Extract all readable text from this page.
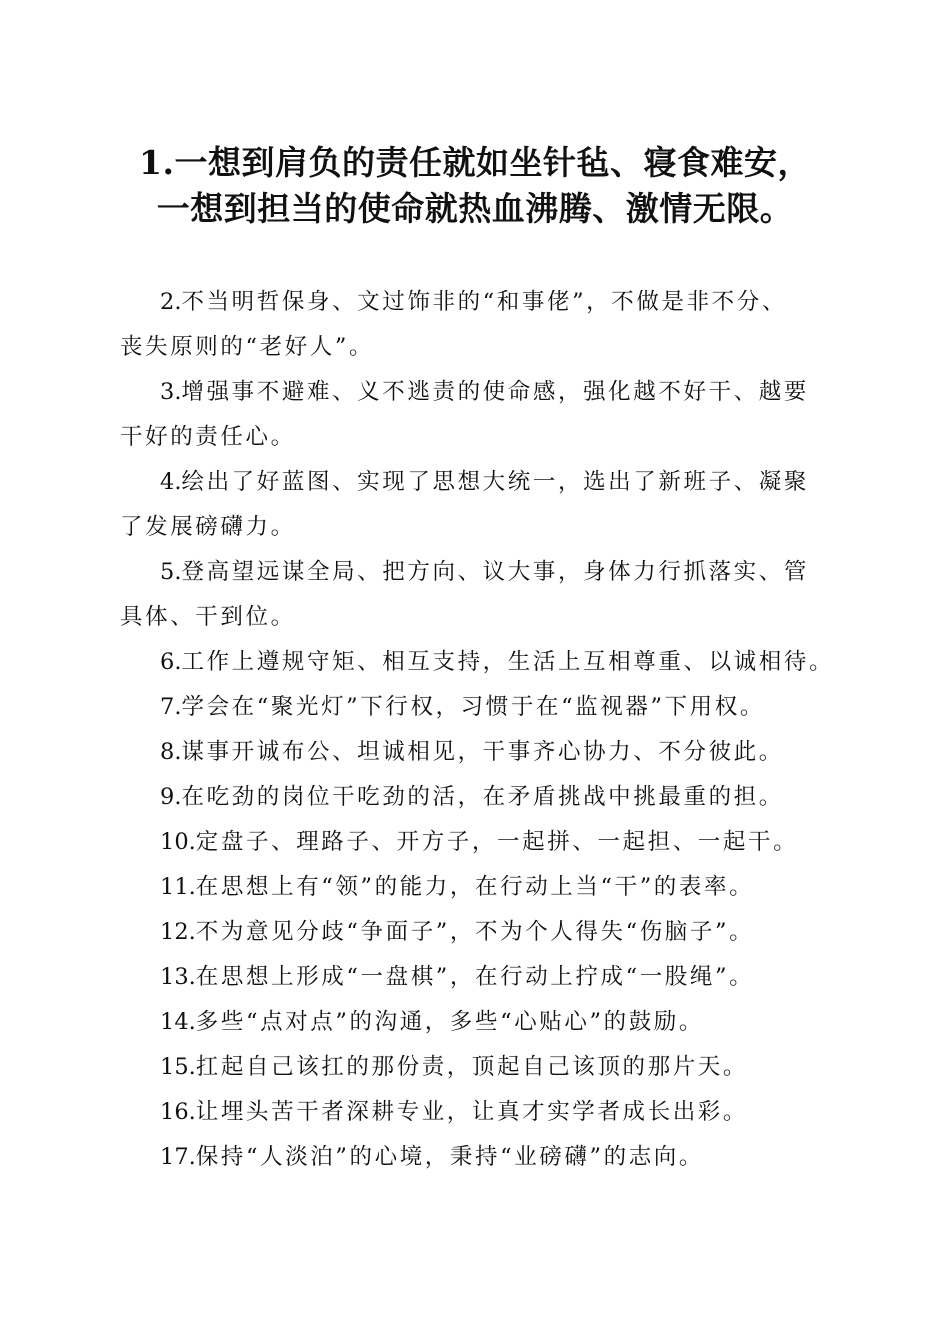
1.一想到肩负的责任就如坐针毡、寝食难安，
一想到担当的使命就热血沸腾、激情无限。

2.不当明哲保身、文过饰非的“和事佬”，不做是非不分、
丧失原则的“老好人”。

3.增强事不避难、义不逃责的使命感，强化越不好干、越要
干好的责任心。

4.绘出了好蓝图、实现了思想大统一，选出了新班子、凝聚
了发展磅礴力。

5.登高望远谋全局、把方向、议大事，身体力行抓落实、管
具体、干到位。

6.工作上遵规守矩、相互支持，生活上互相尊重、以诚相待。

7.学会在“聚光灯”下行权，习惯于在“监视器”下用权。

8.谋事开诚布公、坦诚相见，干事齐心协力、不分彼此。

9.在吃劲的岗位干吃劲的活，在矛盾挑战中挑最重的担。

10.定盘子、理路子、开方子，一起拼、一起担、一起干。

11.在思想上有“领”的能力，在行动上当“干”的表率。

12.不为意见分歧“争面子”，不为个人得失“伤脑子”。

13.在思想上形成“一盘棋”，在行动上拧成“一股绳”。

14.多些“点对点”的沟通，多些“心贴心”的鼓励。

15.扛起自己该扛的那份责，顶起自己该顶的那片天。

16.让埋头苦干者深耕专业，让真才实学者成长出彩。

17.保持“人淡泊”的心境，秉持“业磅礴”的志向。
